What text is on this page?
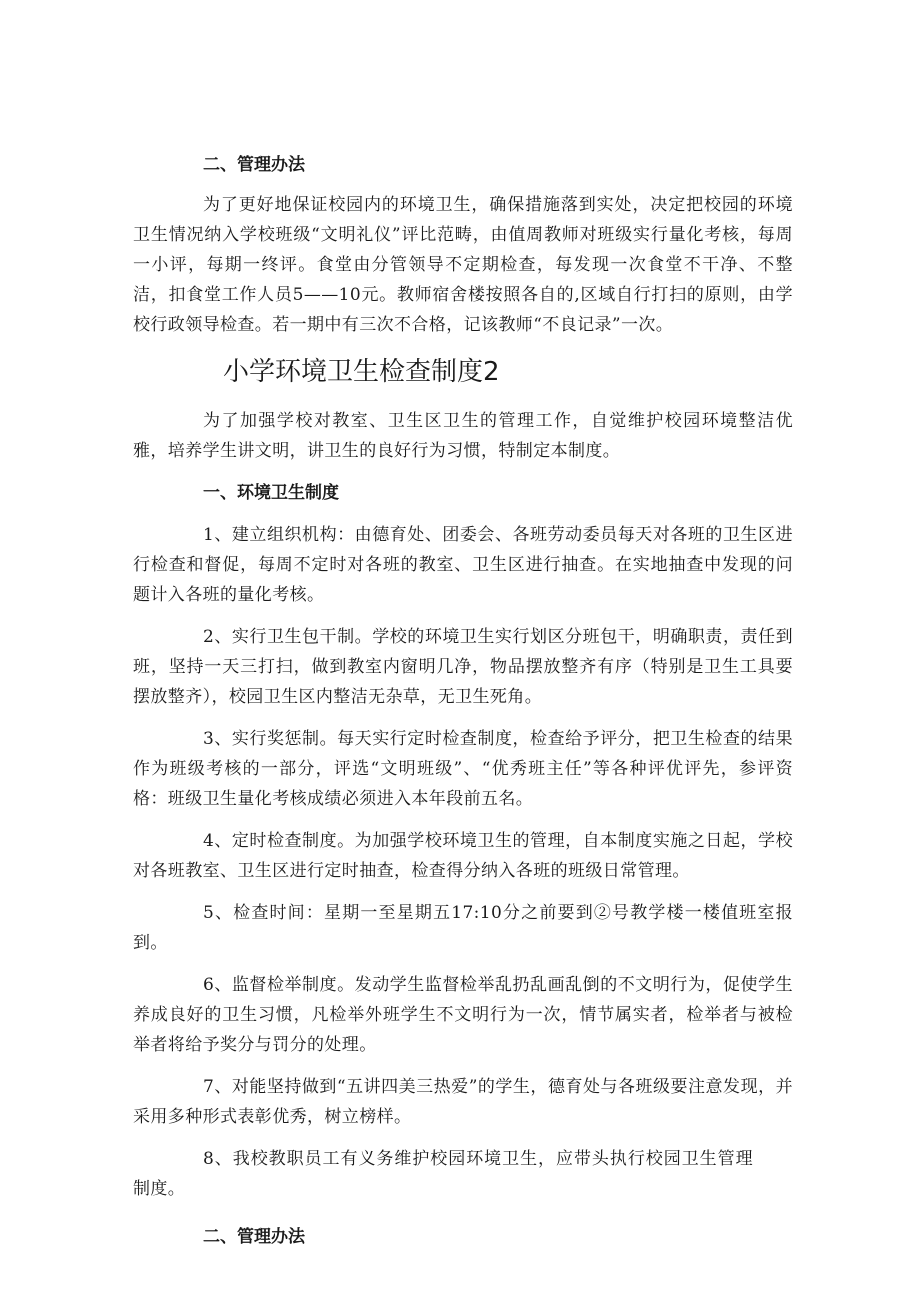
二、管理办法

为了更好地保证校园内的环境卫生，确保措施落到实处，决定把校园的环境卫生情况纳入学校班级“文明礼仪”评比范畴，由值周教师对班级实行量化考核，每周一小评，每期一终评。食堂由分管领导不定期检查，每发现一次食堂不干净、不整洁，扣食堂工作人员5——10元。教师宿舍楼按照各自的,区域自行打扫的原则，由学校行政领导检查。若一期中有三次不合格，记该教师“不良记录”一次。

小学环境卫生检查制度2

为了加强学校对教室、卫生区卫生的管理工作，自觉维护校园环境整洁优雅，培养学生讲文明，讲卫生的良好行为习惯，特制定本制度。

一、环境卫生制度

1、建立组织机构：由德育处、团委会、各班劳动委员每天对各班的卫生区进行检查和督促，每周不定时对各班的教室、卫生区进行抽查。在实地抽查中发现的问题计入各班的量化考核。

2、实行卫生包干制。学校的环境卫生实行划区分班包干，明确职责，责任到班，坚持一天三打扫，做到教室内窗明几净，物品摆放整齐有序（特别是卫生工具要摆放整齐），校园卫生区内整洁无杂草，无卫生死角。

3、实行奖惩制。每天实行定时检查制度，检查给予评分，把卫生检查的结果作为班级考核的一部分，评选“文明班级”、“优秀班主任”等各种评优评先，参评资格：班级卫生量化考核成绩必须进入本年段前五名。

4、定时检查制度。为加强学校环境卫生的管理，自本制度实施之日起，学校对各班教室、卫生区进行定时抽查，检查得分纳入各班的班级日常管理。

5、检查时间：星期一至星期五17:10分之前要到②号教学楼一楼值班室报到。

6、监督检举制度。发动学生监督检举乱扔乱画乱倒的不文明行为，促使学生养成良好的卫生习惯，凡检举外班学生不文明行为一次，情节属实者，检举者与被检举者将给予奖分与罚分的处理。

7、对能坚持做到“五讲四美三热爱”的学生，德育处与各班级要注意发现，并采用多种形式表彰优秀，树立榜样。

8、我校教职员工有义务维护校园环境卫生，应带头执行校园卫生管理制度。

二、管理办法
